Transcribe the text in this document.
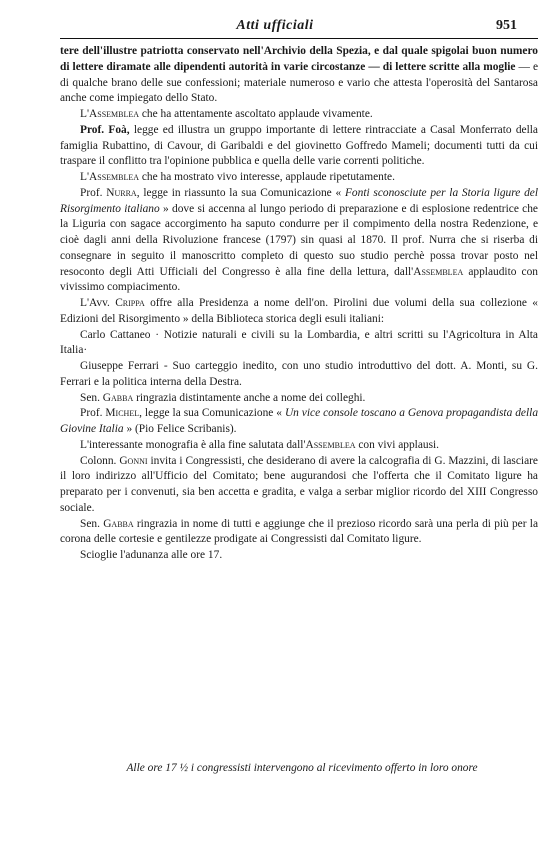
Atti ufficiali	951

tere dell'illustre patriotta conservato nell'Archivio della Spezia, e dal quale spigolai buon numero di lettere diramate alle dipendenti autorità in varie circostanze — di lettere scritte alla moglie — e di qualche brano delle sue confessioni; materiale numeroso e vario che attesta l'operosità del Santarosa anche come impiegato dello Stato.

L'Assemblea che ha attentamente ascoltato applaude vivamente.

Prof. Foà, legge ed illustra un gruppo importante di lettere rintracciate a Casal Monferrato della famiglia Rubattino, di Cavour, di Garibaldi e del giovinetto Goffredo Mameli; documenti tutti da cui traspare il conflitto tra l'opinione pubblica e quella delle varie correnti politiche.

L'Assemblea che ha mostrato vivo interesse, applaude ripetutamente.

Prof. Nurra, legge in riassunto la sua Comunicazione « Fonti sconosciute per la Storia ligure del Risorgimento italiano » dove si accenna al lungo periodo di preparazione e di esplosione redentrice che la Liguria con sagace accorgimento ha saputo condurre per il compimento della nostra Redenzione, e cioè dagli anni della Rivoluzione francese (1797) sin quasi al 1870. Il prof. Nurra che si riserba di consegnare in seguito il manoscritto completo di questo suo studio perchè possa trovar posto nel resoconto degli Atti Ufficiali del Congresso è alla fine della lettura, dall'Assemblea applaudito con vivissimo compiacimento.

L'Avv. Crippa offre alla Presidenza a nome dell'on. Pirolini due volumi della sua collezione « Edizioni del Risorgimento » della Biblioteca storica degli esuli italiani:

Carlo Cattaneo · Notizie naturali e civili su la Lombardia, e altri scritti su l'Agricoltura in Alta Italia·

Giuseppe Ferrari - Suo carteggio inedito, con uno studio introduttivo del dott. A. Monti, su G. Ferrari e la politica interna della Destra.

Sen. Gabba ringrazia distintamente anche a nome dei colleghi.

Prof. Michel, legge la sua Comunicazione « Un vice console toscano a Genova propagandista della Giovine Italia » (Pio Felice Scribanis).

L'interessante monografia è alla fine salutata dall'Assemblea con vivi applausi.

Colonn. Gonni invita i Congressisti, che desiderano di avere la calcografia di G. Mazzini, di lasciare il loro indirizzo all'Ufficio del Comitato; bene augurandosi che l'offerta che il Comitato ligure ha preparato per i convenuti, sia ben accetta e gradita, e valga a serbar miglior ricordo del XIII Congresso sociale.

Sen. Gabba ringrazia in nome di tutti e aggiunge che il prezioso ricordo sarà una perla di più per la corona delle cortesie e gentilezze prodigate ai Congressisti dal Comitato ligure.

Scioglie l'adunanza alle ore 17.

Alle ore 17 ½ i congressisti intervengono al ricevimento offerto in loro onore
